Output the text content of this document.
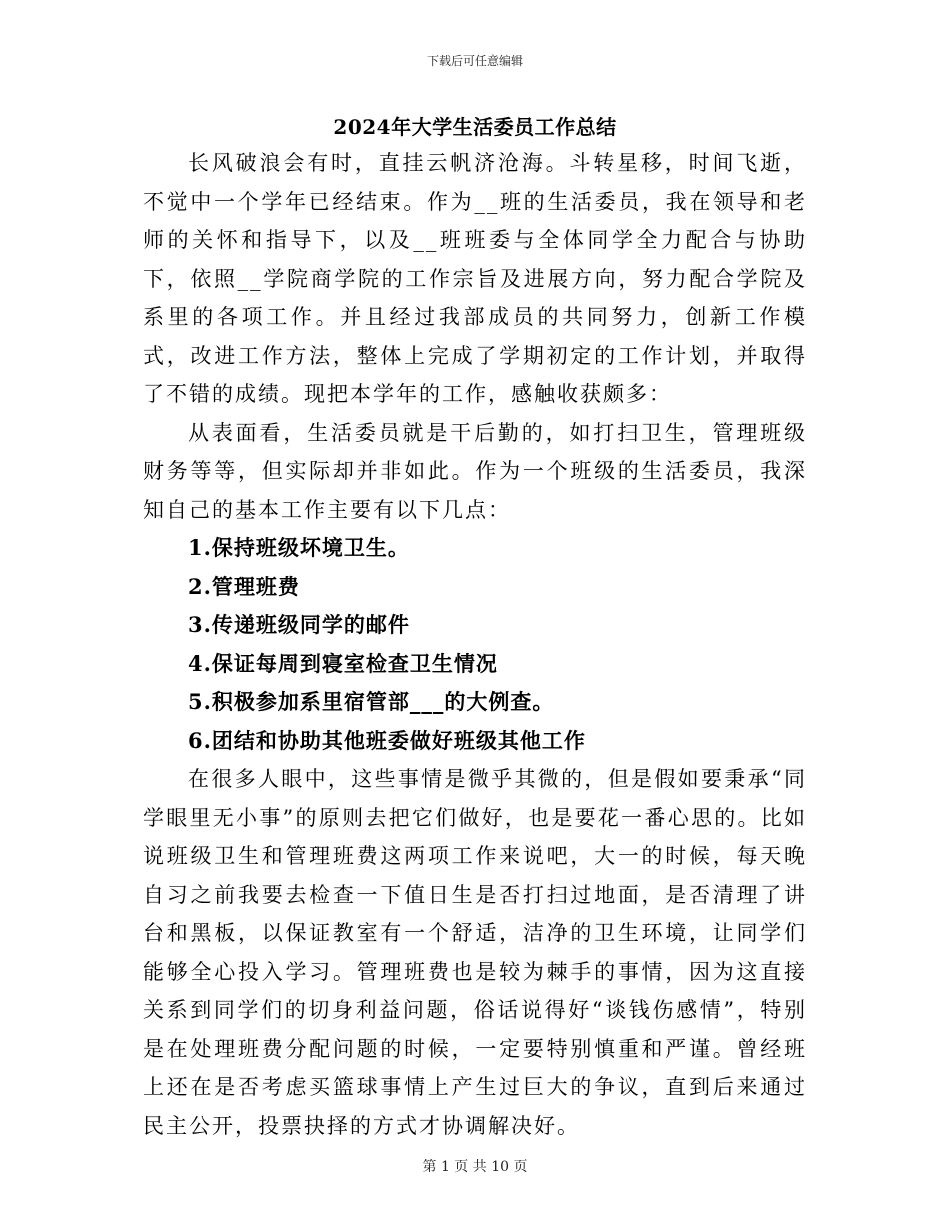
下载后可任意编辑
2024年大学生活委员工作总结

长风破浪会有时，直挂云帆济沧海。斗转星移，时间飞逝，不觉中一个学年已经结束。作为__班的生活委员，我在领导和老师的关怀和指导下，以及__班班委与全体同学全力配合与协助下，依照__学院商学院的工作宗旨及进展方向，努力配合学院及系里的各项工作。并且经过我部成员的共同努力，创新工作模式，改进工作方法，整体上完成了学期初定的工作计划，并取得了不错的成绩。现把本学年的工作，感触收获颇多：

从表面看，生活委员就是干后勤的，如打扫卫生，管理班级财务等等，但实际却并非如此。作为一个班级的生活委员，我深知自己的基本工作主要有以下几点：

1.保持班级坏境卫生。

2.管理班费

3.传递班级同学的邮件

4.保证每周到寝室检查卫生情况

5.积极参加系里宿管部___的大例查。

6.团结和协助其他班委做好班级其他工作

在很多人眼中，这些事情是微乎其微的，但是假如要秉承“同学眼里无小事”的原则去把它们做好，也是要花一番心思的。比如说班级卫生和管理班费这两项工作来说吧，大一的时候，每天晚自习之前我要去检查一下值日生是否打扫过地面，是否清理了讲台和黑板，以保证教室有一个舒适，洁净的卫生环境，让同学们能够全心投入学习。管理班费也是较为棘手的事情，因为这直接关系到同学们的切身利益问题，俗话说得好“谈钱伤感情”，特别是在处理班费分配问题的时候，一定要特别慎重和严谨。曾经班上还在是否考虑买篮球事情上产生过巨大的争议，直到后来通过民主公开，投票抉择的方式才协调解决好。

第 1 页 共 10 页
